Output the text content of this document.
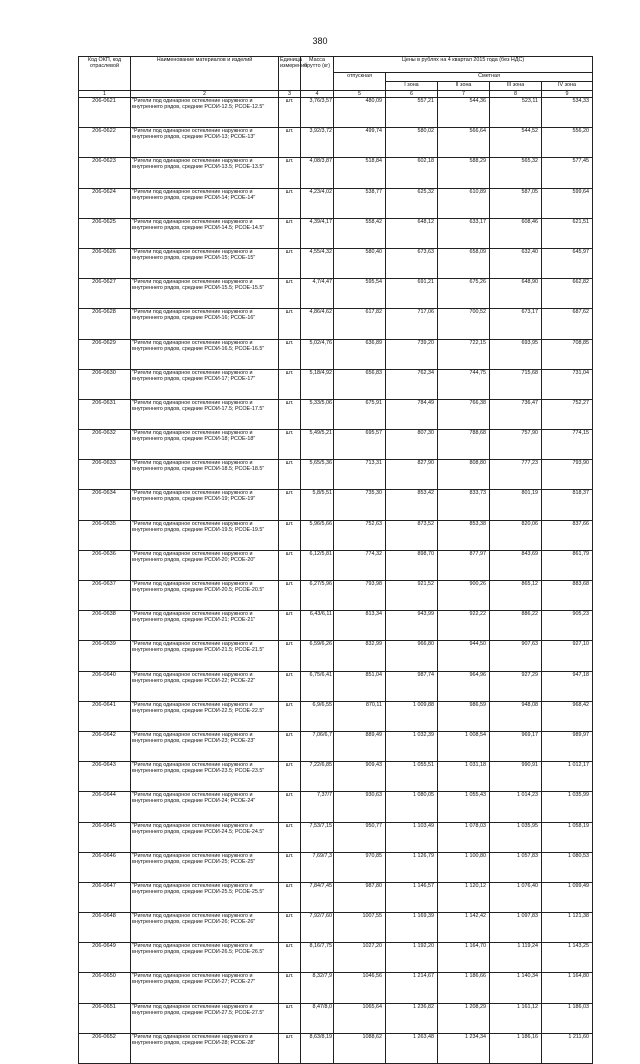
380
Код ОКП, код отраслевой	Наименование материалов и изделий	Единица измерения	Масса брутто (кг)	Цены в рублях на 4 квартал 2015 года (без НДС)				
				отпускная	Сметная			
					I зона	II зона	III зона	IV зона
1	2	3	4	5	6	7	8	9
206-0621	"Ригели под одинарное остекление наружного и внутреннего рядов, средние РСОИ-12.5; РСОЕ-12.5"	шт.	3,76/3,57	480,09	557,21	544,36	523,11	534,33
206-0622	"Ригели под одинарное остекление наружного и внутреннего рядов, средние РСОИ-13; РСОЕ-13"	шт.	3,92/3,72	499,74	580,02	566,64	544,52	556,20
206-0623	"Ригели под одинарное остекление наружного и внутреннего рядов, средние РСОИ-13.5; РСОЕ-13.5"	шт.	4,08/3,87	518,84	602,18	588,29	565,32	577,45
206-0624	"Ригели под одинарное остекление наружного и внутреннего рядов, средние РСОИ-14; РСОЕ-14"	шт.	4,23/4,02	538,77	625,32	610,89	587,05	599,64
206-0625	"Ригели под одинарное остекление наружного и внутреннего рядов, средние РСОИ-14.5; РСОЕ-14.5"	шт.	4,39/4,17	558,42	648,12	633,17	608,46	621,51
206-0626	"Ригели под одинарное остекление наружного и внутреннего рядов, средние РСОИ-15; РСОЕ-15"	шт.	4,55/4,32	580,40	673,63	658,09	632,40	645,97
206-0627	"Ригели под одинарное остекление наружного и внутреннего рядов, средние РСОИ-15.5; РСОЕ-15.5"	шт.	4,7/4,47	595,54	691,21	675,26	648,90	662,82
206-0628	"Ригели под одинарное остекление наружного и внутреннего рядов, средние РСОИ-16; РСОЕ-16"	шт.	4,86/4,62	617,82	717,06	700,52	673,17	687,62
206-0629	"Ригели под одинарное остекление наружного и внутреннего рядов, средние РСОИ-16.5; РСОЕ-16.5"	шт.	5,02/4,76	636,89	739,20	722,15	693,95	708,85
206-0630	"Ригели под одинарное остекление наружного и внутреннего рядов, средние РСОИ-17; РСОЕ-17"	шт.	5,18/4,92	656,83	762,34	744,75	715,68	731,04
206-0631	"Ригели под одинарное остекление наружного и внутреннего рядов, средние РСОИ-17.5; РСОЕ-17.5"	шт.	5,33/5,06	675,91	784,49	766,38	736,47	752,27
206-0632	"Ригели под одинарное остекление наружного и внутреннего рядов, средние РСОИ-18; РСОЕ-18"	шт.	5,49/5,21	695,57	807,30	788,68	757,90	774,15
206-0633	"Ригели под одинарное остекление наружного и внутреннего рядов, средние РСОИ-18.5; РСОЕ-18.5"	шт.	5,65/5,36	713,31	827,90	808,80	777,23	793,90
206-0634	"Ригели под одинарное остекление наружного и внутреннего рядов, средние РСОИ-19; РСОЕ-19"	шт.	5,8/5,51	735,30	853,42	833,73	801,19	818,37
206-0635	"Ригели под одинарное остекление наружного и внутреннего рядов, средние РСОИ-19.5; РСОЕ-19.5"	шт.	5,96/5,66	752,63	873,52	853,38	820,06	837,66
206-0636	"Ригели под одинарное остекление наружного и внутреннего рядов, средние РСОИ-20; РСОЕ-20"	шт.	6,12/5,81	774,32	898,70	877,97	843,69	861,79
206-0637	"Ригели под одинарное остекление наружного и внутреннего рядов, средние РСОИ-20.5; РСОЕ-20.5"	шт.	6,27/5,96	793,98	921,52	900,26	865,12	883,68
206-0638	"Ригели под одинарное остекление наружного и внутреннего рядов, средние РСОИ-21; РСОЕ-21"	шт.	6,43/6,11	813,34	943,99	922,22	886,22	905,23
206-0639	"Ригели под одинарное остекление наружного и внутреннего рядов, средние РСОИ-21.5; РСОЕ-21.5"	шт.	6,59/6,26	832,99	966,80	944,50	907,63	927,10
206-0640	"Ригели под одинарное остекление наружного и внутреннего рядов, средние РСОИ-22; РСОЕ-22"	шт.	6,75/6,41	851,04	987,74	964,96	927,29	947,18
206-0641	"Ригели под одинарное остекление наружного и внутреннего рядов, средние РСОИ-22.5; РСОЕ-22.5"	шт.	6,9/6,55	870,11	1 009,88	986,59	948,08	968,42
206-0642	"Ригели под одинарное остекление наружного и внутреннего рядов, средние РСОИ-23; РСОЕ-23"	шт.	7,06/6,7	889,49	1 032,39	1 008,54	969,17	989,97
206-0643	"Ригели под одинарное остекление наружного и внутреннего рядов, средние РСОИ-23.5; РСОЕ-23.5"	шт.	7,22/6,85	909,43	1 055,51	1 031,18	990,91	1 012,17
206-0644	"Ригели под одинарное остекление наружного и внутреннего рядов, средние РСОИ-24; РСОЕ-24"	шт.	7,37/7	930,63	1 080,05	1 055,43	1 014,23	1 035,99
206-0645	"Ригели под одинарное остекление наружного и внутреннего рядов, средние РСОИ-24.5; РСОЕ-24.5"	шт.	7,53/7,15	950,77	1 103,49	1 078,03	1 035,95	1 058,19
206-0646	"Ригели под одинарное остекление наружного и внутреннего рядов, средние РСОИ-25; РСОЕ-25"	шт.	7,69/7,3	970,85	1 126,79	1 100,80	1 057,83	1 080,53
206-0647	"Ригели под одинарное остекление наружного и внутреннего рядов, средние РСОИ-25.5; РСОЕ-25.5"	шт.	7,84/7,45	987,80	1 146,57	1 120,12	1 076,40	1 099,49
206-0648	"Ригели под одинарное остекление наружного и внутреннего рядов, средние РСОИ-26; РСОЕ-26"	шт.	7,92/7,60	1007,55	1 169,39	1 142,42	1 097,83	1 121,38
206-0649	"Ригели под одинарное остекление наружного и внутреннего рядов, средние РСОИ-26.5; РСОЕ-26.5"	шт.	8,16/7,75	1027,20	1 192,20	1 164,70	1 119,24	1 143,25
206-0650	"Ригели под одинарное остекление наружного и внутреннего рядов, средние РСОИ-27; РСОЕ-27"	шт.	8,32/7,9	1046,56	1 214,67	1 186,66	1 140,34	1 164,80
206-0651	"Ригели под одинарное остекление наружного и внутреннего рядов, средние РСОИ-27.5; РСОЕ-27.5"	шт.	8,47/8,0	1065,64	1 236,82	1 208,29	1 161,12	1 186,03
206-0652	"Ригели под одинарное остекление наружного и внутреннего рядов, средние РСОИ-28; РСОЕ-28"	шт.	8,63/8,19	1088,62	1 263,48	1 234,34	1 186,16	1 211,60
